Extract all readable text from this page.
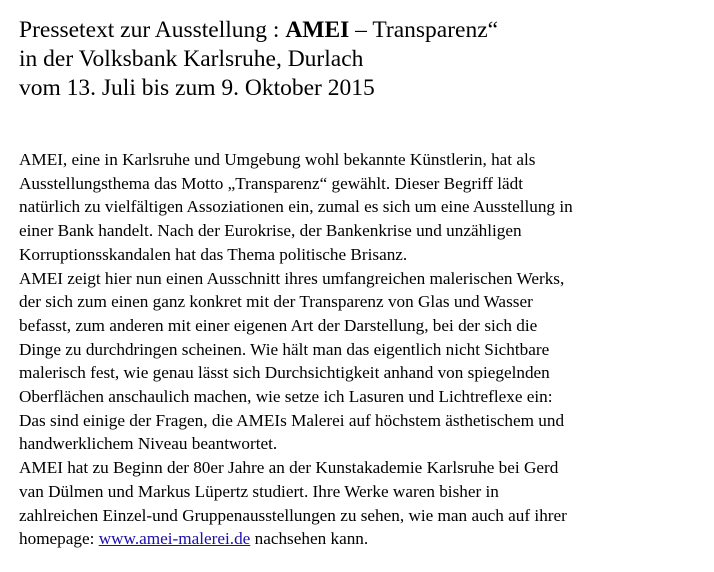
Pressetext zur Ausstellung : AMEI – Transparenz“
in der Volksbank Karlsruhe, Durlach
vom 13. Juli bis zum 9. Oktober 2015
AMEI, eine in Karlsruhe und Umgebung wohl bekannte Künstlerin, hat als
Ausstellungsthema das Motto „Transparenz“ gewählt. Dieser Begriff lädt
natürlich zu vielfältigen Assoziationen ein, zumal es sich um eine Ausstellung in
einer Bank handelt. Nach der Eurokrise, der Bankenkrise und unzähligen
Korruptionsskandalen hat das Thema politische Brisanz.
AMEI zeigt hier nun einen Ausschnitt ihres umfangreichen malerischen Werks,
der sich zum einen ganz konkret mit der Transparenz von Glas und Wasser
befasst, zum anderen mit einer eigenen Art der Darstellung, bei der sich die
Dinge zu durchdringen scheinen. Wie hält man das eigentlich nicht Sichtbare
malerisch fest, wie genau lässt sich Durchsichtigkeit anhand von spiegelnden
Oberflächen anschaulich machen, wie setze ich Lasuren und Lichtreflexe ein:
Das sind einige der Fragen, die AMEIs Malerei auf höchstem ästhetischem und
handwerklichem Niveau beantwortet.
AMEI hat zu Beginn der 80er Jahre an der Kunstakademie Karlsruhe bei Gerd
van Dülmen und Markus Lüpertz studiert. Ihre Werke waren bisher in
zahlreichen Einzel-und Gruppenausstellungen zu sehen, wie man auch auf ihrer
homepage: www.amei-malerei.de nachsehen kann.
